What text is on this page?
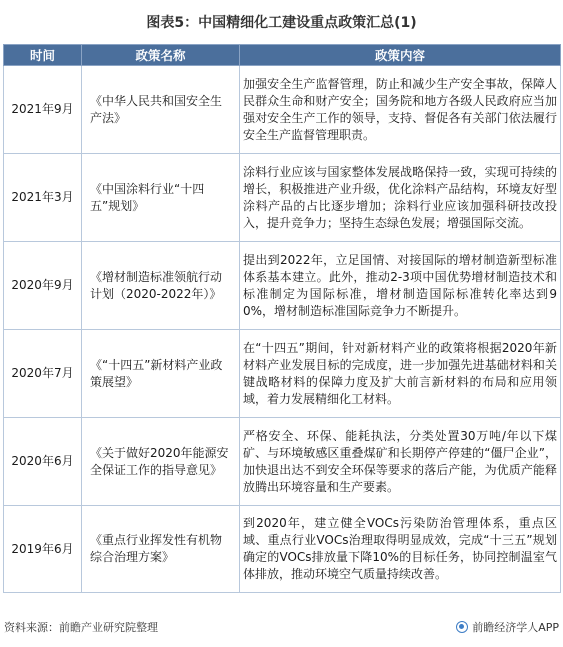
图表5：中国精细化工建设重点政策汇总(1)
时间	政策名称	政策内容
2021年9月	《中华人民共和国安全生产法》	加强安全生产监督管理，防止和减少生产安全事故，保障人民群众生命和财产安全；国务院和地方各级人民政府应当加强对安全生产工作的领导，支持、督促各有关部门依法履行安全生产监督管理职责。
2021年3月	《中国涂料行业“十四五”规划》	涂料行业应该与国家整体发展战略保持一致，实现可持续的增长，积极推进产业升级，优化涂料产品结构，环境友好型涂料产品的占比逐步增加；涂料行业应该加强科研技改投入，提升竞争力；坚持生态绿色发展；增强国际交流。
2020年9月	《增材制造标准领航行动计划（2020-2022年）》	提出到2022年，立足国情、对接国际的增材制造新型标准体系基本建立。此外，推动2-3项中国优势增材制造技术和标准制定为国际标准，增材制造国际标准转化率达到90%，增材制造标准国际竞争力不断提升。
2020年7月	《“十四五”新材料产业政策展望》	在“十四五”期间，针对新材料产业的政策将根据2020年新材料产业发展目标的完成度，进一步加强先进基础材料和关键战略材料的保障力度及扩大前言新材料的布局和应用领域，着力发展精细化工材料。
2020年6月	《关于做好2020年能源安全保证工作的指导意见》	严格安全、环保、能耗执法，分类处置30万吨/年以下煤矿、与环境敏感区重叠煤矿和长期停产停建的“僵尸企业”，加快退出达不到安全环保等要求的落后产能，为优质产能释放腾出环境容量和生产要素。
2019年6月	《重点行业挥发性有机物综合治理方案》	到2020年，建立健全VOCs污染防治管理体系，重点区域、重点行业VOCs治理取得明显成效，完成“十三五”规划确定的VOCs排放量下降10%的目标任务，协同控制温室气体排放，推动环境空气质量持续改善。
资料来源：前瞻产业研究院整理	前瞻经济学人APP
